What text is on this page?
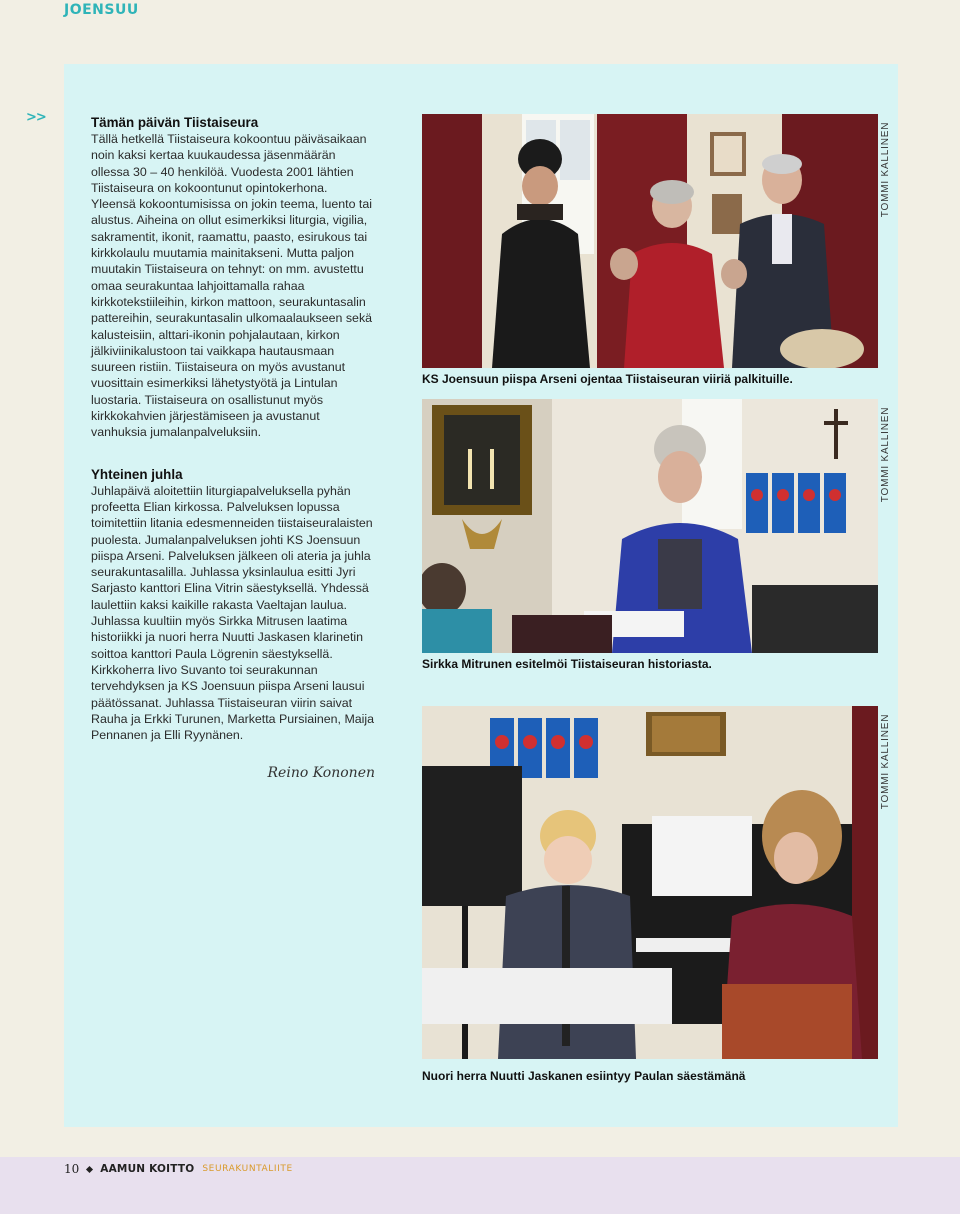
JOENSUU
>>	Tämän päivän Tiistaiseura

Tällä hetkellä Tiistaiseura kokoontuu päiväsaikaan noin kaksi kertaa kuukaudessa jäsenmäärän ollessa 30 – 40 henkilöä. Vuodesta 2001 lähtien Tiistaiseura on kokoontunut opintokerhona. Yleensä kokoontumisissa on jokin teema, luento tai alustus. Aiheina on ollut esimerkiksi liturgia, vigilia, sakramentit, ikonit, raamattu, paasto, esirukous tai kirkkolaulu muutamia mainitakseni. Mutta paljon muutakin Tiistaiseura on tehnyt: on mm. avustettu omaa seurakuntaa lahjoittamalla rahaa kirkkotekstiileihin, kirkon mattoon, seurakuntasalin pattereihin, seurakuntasalin ulkomaalaukseen sekä kalusteisiin, alttari-ikonin pohjalautaan, kirkon jälkiviinikalustoon tai vaikkapa hautausmaan suureen ristiin. Tiistaiseura on myös avustanut vuosittain esimerkiksi lähetystyötä ja Lintulan luostaria. Tiistaiseura on osallistunut myös kirkkokahvien järjestämiseen ja avustanut vanhuksia jumalanpalveluksiin.

Yhteinen juhla

Juhlapäivä aloitettiin liturgiapalveluksella pyhän profeetta Elian kirkossa. Palveluksen lopussa toimitettiin litania edesmenneiden tiistaiseuralaisten puolesta. Jumalanpalveluksen johti KS Joensuun piispa Arseni. Palveluksen jälkeen oli ateria ja juhla seurakuntasalilla. Juhlassa yksinlaulua esitti Jyri Sarjasto kanttori Elina Vitrin säestyksellä. Yhdessä laulettiin kaksi kaikille rakasta Vaeltajan laulua. Juhlassa kuultiin myös Sirkka Mitrusen laatima historiikki ja nuori herra Nuutti Jaskasen klarinetin soittoa kanttori Paula Lögrenin säestyksellä. Kirkkoherra Iivo Suvanto toi seurakunnan tervehdyksen ja KS Joensuun piispa Arseni lausui päätössanat. Juhlassa Tiistaiseuran viirin saivat Rauha ja Erkki Turunen, Marketta Pursiainen, Maija Pennanen ja Elli Ryynänen.

Reino Kononen
TOMMI KALLINEN
KS Joensuun piispa Arseni ojentaa Tiistaiseuran viiriä palkituille.
TOMMI KALLINEN
Sirkka Mitrunen esitelmöi Tiistaiseuran historiasta.
TOMMI KALLINEN
Nuori herra Nuutti Jaskanen esiintyy Paulan säestämänä
10 AAMUN KOITTO SEURAKUNTALIITE
